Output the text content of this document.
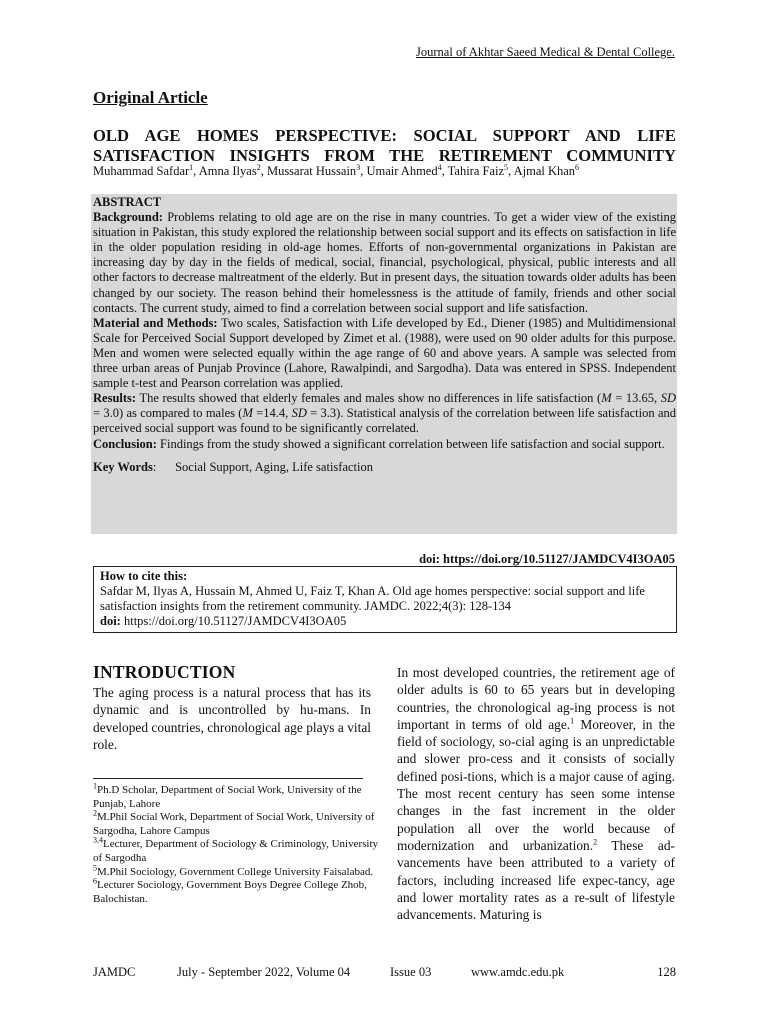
Journal of Akhtar Saeed Medical & Dental College.
Original Article
OLD AGE HOMES PERSPECTIVE: SOCIAL SUPPORT AND LIFE SATISFACTION INSIGHTS FROM THE RETIREMENT COMMUNITY
Muhammad Safdar$^1$, Amna Ilyas$^2$, Mussarat Hussain$^3$, Umair Ahmed$^4$, Tahira Faiz$^5$, Ajmal Khan$^6$

ABSTRACT

Background: Problems relating to old age are on the rise in many countries. To get a wider view of the existing situation in Pakistan, this study explored the relationship between social support and its effects on satisfaction in life in the older population residing in old-age homes. Efforts of non-governmental organizations in Pakistan are increasing day by day in the fields of medical, social, financial, psychological, physical, public interests and all other factors to decrease maltreatment of the elderly. But in present days, the situation towards older adults has been changed by our society. The reason behind their homelessness is the attitude of family, friends and other social contacts. The current study, aimed to find a correlation between social support and life satisfaction.

Material and Methods: Two scales, Satisfaction with Life developed by Ed., Diener (1985) and Multidimensional Scale for Perceived Social Support developed by Zimet et al. (1988), were used on 90 older adults for this purpose. Men and women were selected equally within the age range of 60 and above years. A sample was selected from three urban areas of Punjab Province (Lahore, Rawalpindi, and Sargodha). Data was entered in SPSS. Independent sample t-test and Pearson correlation was applied.

Results: The results showed that elderly females and males show no differences in life satisfaction (M = 13.65, SD = 3.0) as compared to males (M =14.4, SD = 3.3). Statistical analysis of the correlation between life satisfaction and perceived social support was found to be significantly correlated.

Conclusion: Findings from the study showed a significant correlation between life satisfaction and social support.

Key Words:      Social Support, Aging, Life satisfaction

doi: https://doi.org/10.51127/JAMDCV4I3OA05
How to cite this:
Safdar M, Ilyas A, Hussain M, Ahmed U, Faiz T, Khan A. Old age homes perspective: social support and life satisfaction insights from the retirement community. JAMDC. 2022;4(3): 128-134
doi: https://doi.org/10.51127/JAMDCV4I3OA05
INTRODUCTION
The aging process is a natural process that has its dynamic and is uncontrolled by hu-mans. In developed countries, chronological age plays a vital role.
In most developed countries, the retirement age of older adults is 60 to 65 years but in developing countries, the chronological ag-ing process is not important in terms of old age.$^1$ Moreover, in the field of sociology, so-cial aging is an unpredictable and slower pro-cess and it consists of socially defined posi-tions, which is a major cause of aging. The most recent century has seen some intense changes in the fast increment in the older population all over the world because of modernization and urbanization.$^2$ These ad-vancements have been attributed to a variety of factors, including increased life expec-tancy, age and lower mortality rates as a re-sult of lifestyle advancements. Maturing is

$^1$Ph.D Scholar, Department of Social Work, University of the Punjab, Lahore

$^2$M.Phil Social Work, Department of Social Work, University of Sargodha, Lahore Campus

$^{3,4}$Lecturer, Department of Sociology & Criminology, University of Sargodha

$^5$M.Phil Sociology, Government College University Faisalabad.

$^6$Lecturer Sociology, Government Boys Degree College Zhob, Balochistan.

JAMDC	July - September 2022, Volume 04	Issue 03	www.amdc.edu.pk	128
